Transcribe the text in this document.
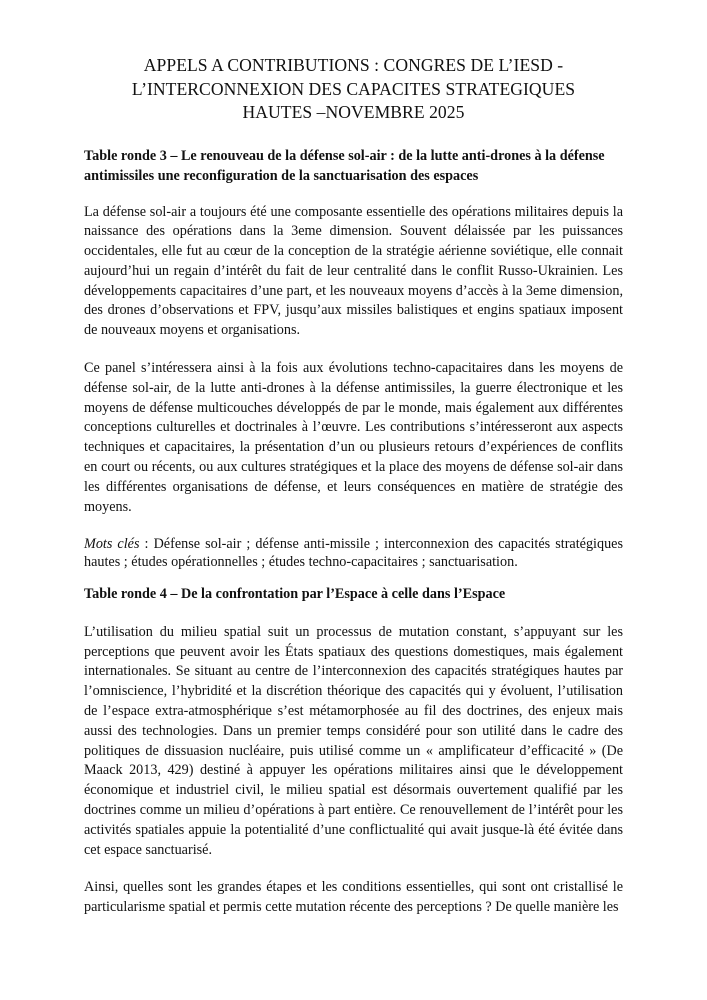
APPELS A CONTRIBUTIONS : CONGRES DE L’IESD -
L’INTERCONNEXION DES CAPACITES STRATEGIQUES
HAUTES –NOVEMBRE 2025
Table ronde 3 – Le renouveau de la défense sol-air : de la lutte anti-drones à la défense antimissiles une reconfiguration de la sanctuarisation des espaces

La défense sol-air a toujours été une composante essentielle des opérations militaires depuis la naissance des opérations dans la 3eme dimension. Souvent délaissée par les puissances occidentales, elle fut au cœur de la conception de la stratégie aérienne soviétique, elle connait aujourd’hui un regain d’intérêt du fait de leur centralité dans le conflit Russo-Ukrainien. Les développements capacitaires d’une part, et les nouveaux moyens d’accès à la 3eme dimension, des drones d’observations et FPV, jusqu’aux missiles balistiques et engins spatiaux imposent de nouveaux moyens et organisations.

Ce panel s’intéressera ainsi à la fois aux évolutions techno-capacitaires dans les moyens de défense sol-air, de la lutte anti-drones à la défense antimissiles, la guerre électronique et les moyens de défense multicouches développés de par le monde, mais également aux différentes conceptions culturelles et doctrinales à l’œuvre. Les contributions s’intéresseront aux aspects techniques et capacitaires, la présentation d’un ou plusieurs retours d’expériences de conflits en court ou récents, ou aux cultures stratégiques et la place des moyens de défense sol-air dans les différentes organisations de défense, et leurs conséquences en matière de stratégie des moyens.

Mots clés : Défense sol-air ; défense anti-missile ; interconnexion des capacités stratégiques hautes ; études opérationnelles ; études techno-capacitaires ; sanctuarisation.

Table ronde 4 – De la confrontation par l’Espace à celle dans l’Espace

L’utilisation du milieu spatial suit un processus de mutation constant, s’appuyant sur les perceptions que peuvent avoir les États spatiaux des questions domestiques, mais également internationales. Se situant au centre de l’interconnexion des capacités stratégiques hautes par l’omniscience, l’hybridité et la discrétion théorique des capacités qui y évoluent, l’utilisation de l’espace extra-atmosphérique s’est métamorphosée au fil des doctrines, des enjeux mais aussi des technologies. Dans un premier temps considéré pour son utilité dans le cadre des politiques de dissuasion nucléaire, puis utilisé comme un « amplificateur d’efficacité » (De Maack 2013, 429) destiné à appuyer les opérations militaires ainsi que le développement économique et industriel civil, le milieu spatial est désormais ouvertement qualifié par les doctrines comme un milieu d’opérations à part entière. Ce renouvellement de l’intérêt pour les activités spatiales appuie la potentialité d’une conflictualité qui avait jusque-là été évitée dans cet espace sanctuarisé.

Ainsi, quelles sont les grandes étapes et les conditions essentielles, qui sont ont cristallisé le particularisme spatial et permis cette mutation récente des perceptions ? De quelle manière les
